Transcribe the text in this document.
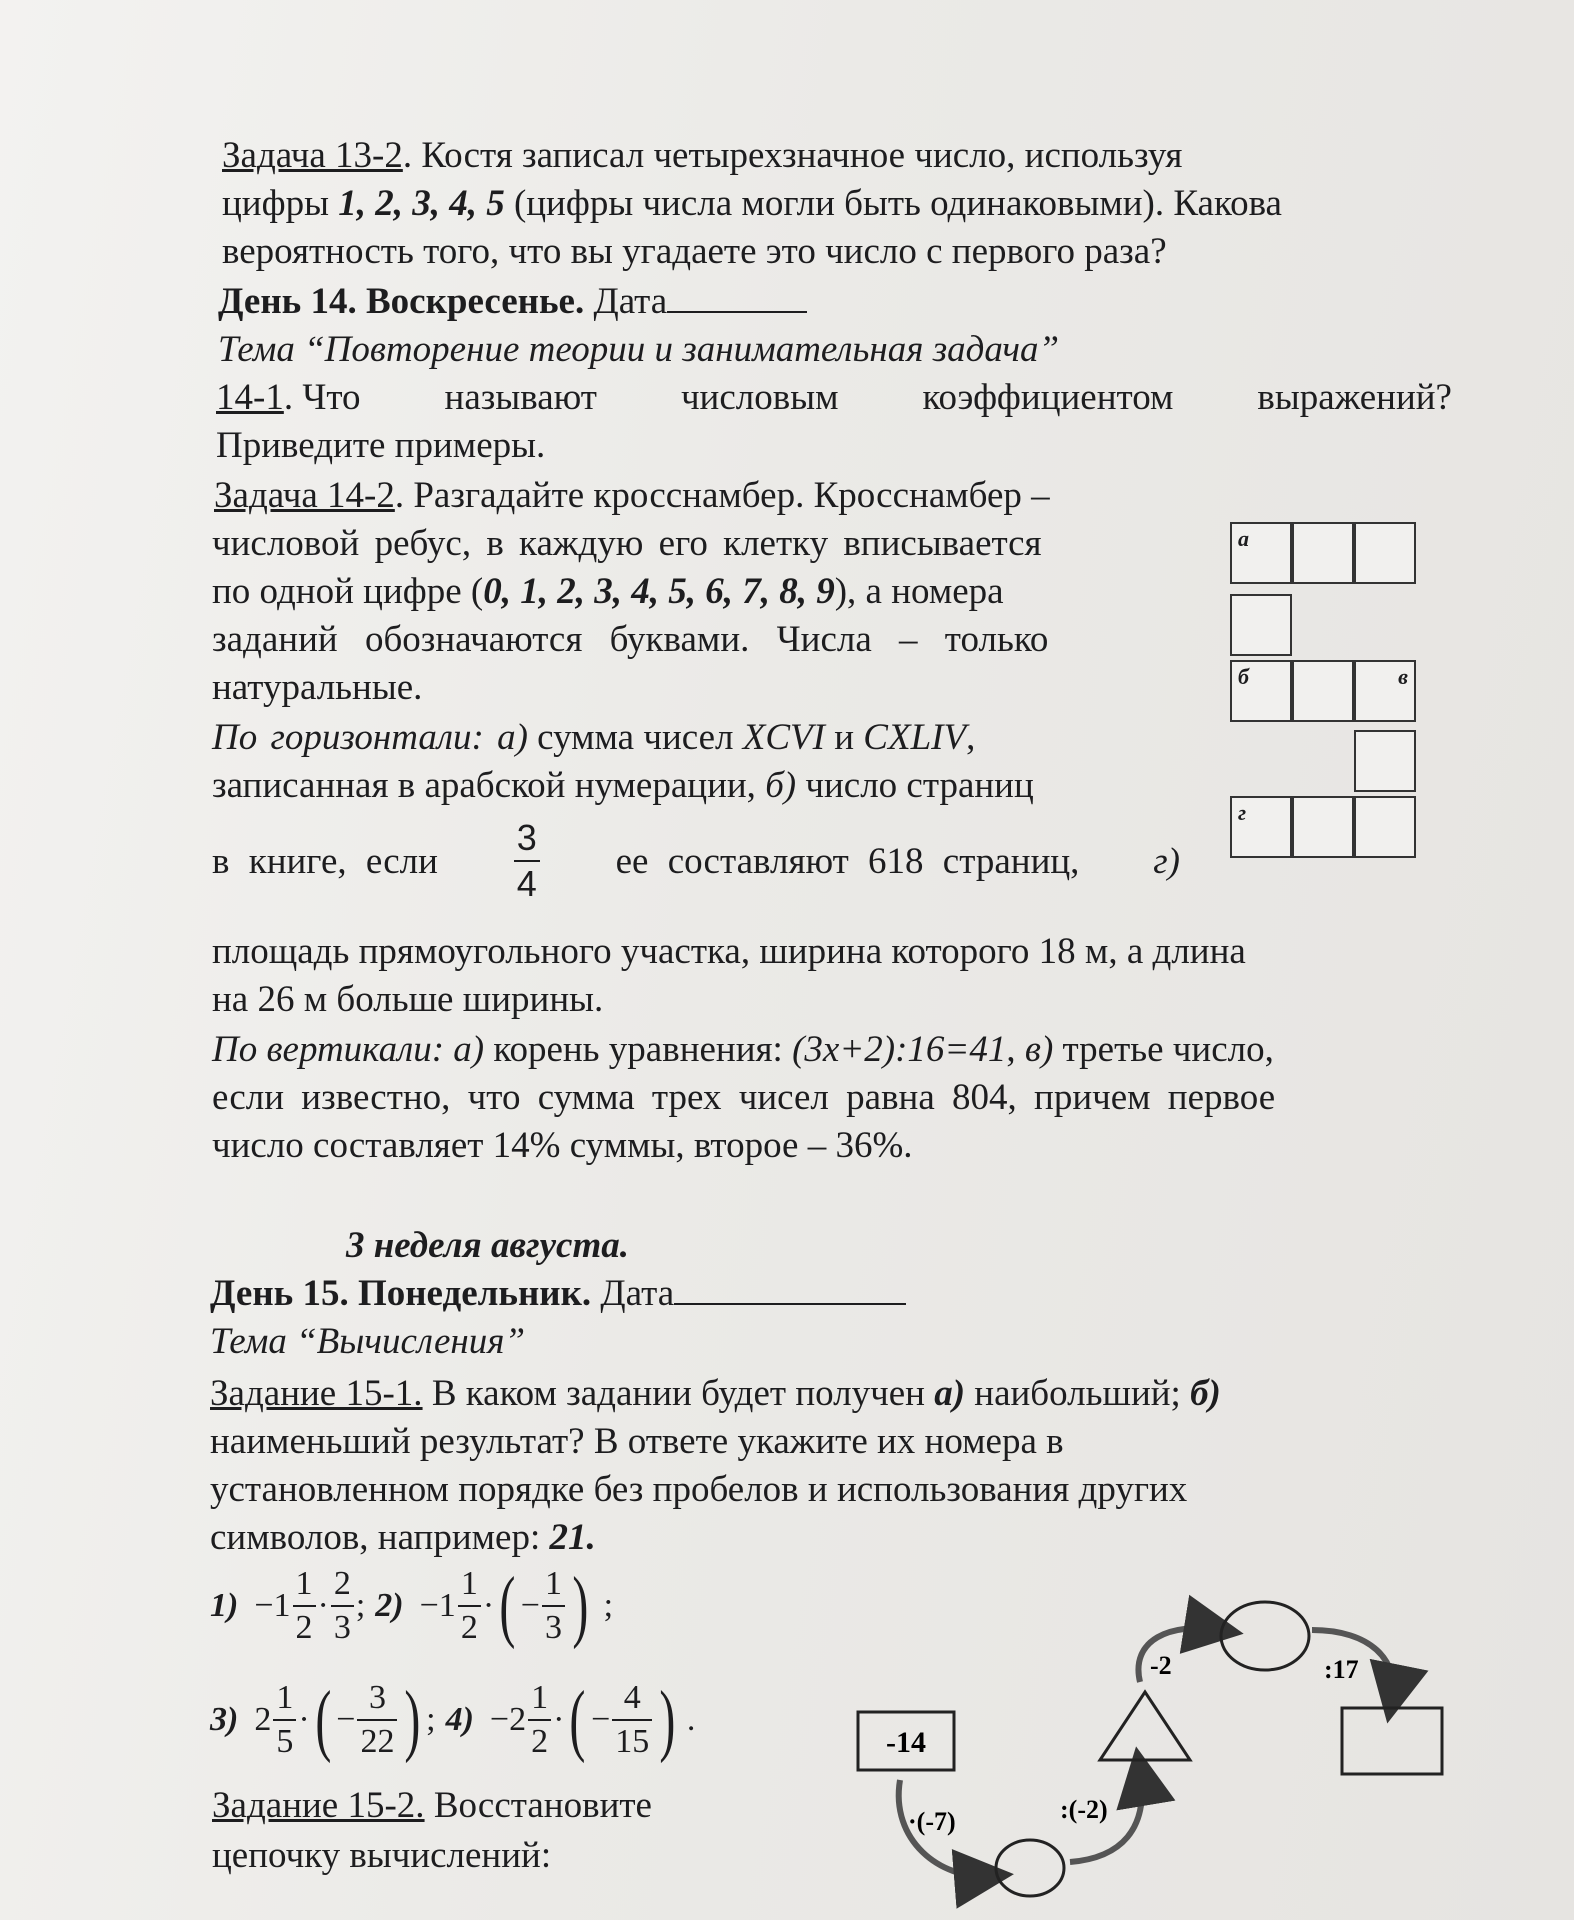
Задача 13-2. Костя записал четырехзначное число, используя
цифры 1, 2, 3, 4, 5 (цифры числа могли быть одинаковыми). Какова
вероятность того, что вы угадаете это число с первого раза?
День 14. Воскресенье. Дата
Тема “Повторение теории и занимательная задача”
14-1. Что называют числовым коэффициентом выражений?
Приведите примеры.
Задача 14-2. Разгадайте кросснамбер. Кросснамбер –
числовой ребус, в каждую его клетку вписывается
по одной цифре (0, 1, 2, 3, 4, 5, 6, 7, 8, 9), а номера
заданий обозначаются буквами. Числа – только
натуральные.
По горизонтали: а) сумма чисел XCVI и CXLIV,
записанная в арабской нумерации, б) число страниц
в книге, если $\frac{3}{4}$ ее составляют 618 страниц, г)
площадь прямоугольного участка, ширина которого 18 м, а длина
на 26 м больше ширины.
По вертикали: а) корень уравнения: (3x+2):16=41, в) третье число,
если известно, что сумма трех чисел равна 804, причем первое
число составляет 14% суммы, второе – 36%.
а
б	в
г
3 неделя августа.
День 15. Понедельник. Дата
Тема “Вычисления”
Задание 15-1. В каком задании будет получен а) наибольший; б)
наименьший результат? В ответе укажите их номера в
установленном порядке без пробелов и использования других
символов, например: 21.
$1) -1 \frac{1}{2} \cdot \frac{2}{3}$ ; $2) -1 \frac{1}{2}$ · ( − $\frac{1}{3}$ ) ;
3) $2 \frac{1}{5}$ · ( − $\frac{3}{22}$ ) ; $4) -2 \frac{1}{2}$ · ( − $\frac{4}{15}$ ) .
Задание 15-2. Восстановите
цепочку вычислений:
-14
·(-7)	:(-2)
-2	:17
